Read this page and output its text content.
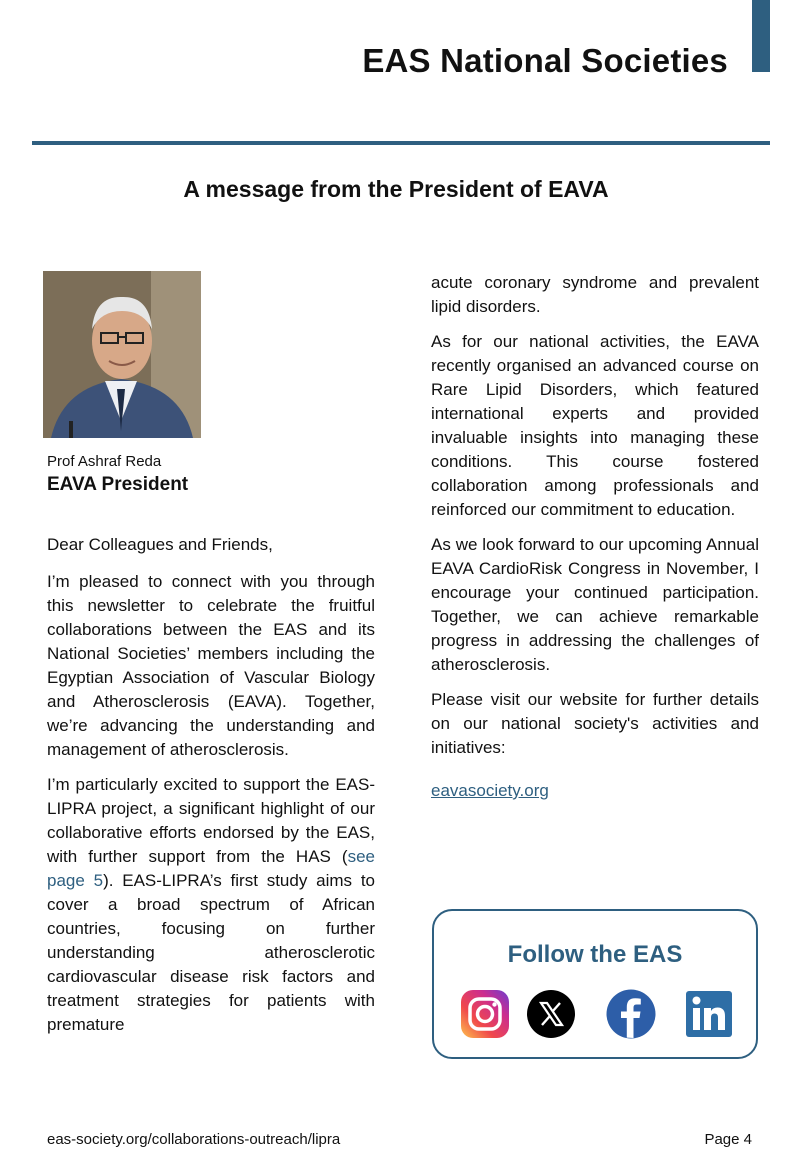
EAS National Societies
A message from the President of EAVA
Prof Ashraf Reda
EAVA President

Dear Colleagues and Friends,

I’m pleased to connect with you through this newsletter to celebrate the fruitful collaborations between the EAS and its National Societies’ members including the Egyptian Association of Vascular Biology and Atherosclerosis (EAVA). Together, we’re advancing the understanding and management of atherosclerosis.

I’m particularly excited to support the EAS-LIPRA project, a significant highlight of our collaborative efforts endorsed by the EAS, with further support from the HAS (see page 5). EAS-LIPRA’s first study aims to cover a broad spectrum of African countries, focusing on further understanding atherosclerotic cardiovascular disease risk factors and treatment strategies for patients with premature

acute coronary syndrome and prevalent lipid disorders.

As for our national activities, the EAVA recently organised an advanced course on Rare Lipid Disorders, which featured international experts and provided invaluable insights into managing these conditions. This course fostered collaboration among professionals and reinforced our commitment to education.

As we look forward to our upcoming Annual EAVA CardioRisk Congress in November, I encourage your continued participation. Together, we can achieve remarkable progress in addressing the challenges of atherosclerosis.

Please visit our website for further details on our national society's activities and initiatives:

eavasociety.org
Follow the EAS
eas-society.org/collaborations-outreach/lipra	Page 4
